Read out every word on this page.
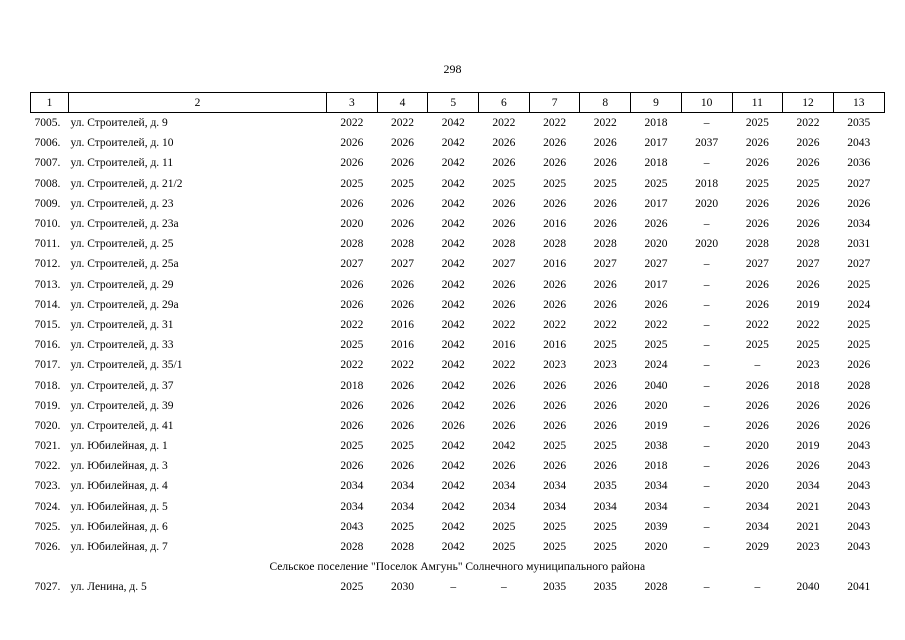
298
1	2	3	4	5	6	7	8	9	10	11	12	13
7005.	ул. Строителей, д. 9	2022	2022	2042	2022	2022	2022	2018	–	2025	2022	2035
7006.	ул. Строителей, д. 10	2026	2026	2042	2026	2026	2026	2017	2037	2026	2026	2043
7007.	ул. Строителей, д. 11	2026	2026	2042	2026	2026	2026	2018	–	2026	2026	2036
7008.	ул. Строителей, д. 21/2	2025	2025	2042	2025	2025	2025	2025	2018	2025	2025	2027
7009.	ул. Строителей, д. 23	2026	2026	2042	2026	2026	2026	2017	2020	2026	2026	2026
7010.	ул. Строителей, д. 23а	2020	2026	2042	2026	2016	2026	2026	–	2026	2026	2034
7011.	ул. Строителей, д. 25	2028	2028	2042	2028	2028	2028	2020	2020	2028	2028	2031
7012.	ул. Строителей, д. 25а	2027	2027	2042	2027	2016	2027	2027	–	2027	2027	2027
7013.	ул. Строителей, д. 29	2026	2026	2042	2026	2026	2026	2017	–	2026	2026	2025
7014.	ул. Строителей, д. 29а	2026	2026	2042	2026	2026	2026	2026	–	2026	2019	2024
7015.	ул. Строителей, д. 31	2022	2016	2042	2022	2022	2022	2022	–	2022	2022	2025
7016.	ул. Строителей, д. 33	2025	2016	2042	2016	2016	2025	2025	–	2025	2025	2025
7017.	ул. Строителей, д. 35/1	2022	2022	2042	2022	2023	2023	2024	–	–	2023	2026
7018.	ул. Строителей, д. 37	2018	2026	2042	2026	2026	2026	2040	–	2026	2018	2028
7019.	ул. Строителей, д. 39	2026	2026	2042	2026	2026	2026	2020	–	2026	2026	2026
7020.	ул. Строителей, д. 41	2026	2026	2026	2026	2026	2026	2019	–	2026	2026	2026
7021.	ул. Юбилейная, д. 1	2025	2025	2042	2042	2025	2025	2038	–	2020	2019	2043
7022.	ул. Юбилейная, д. 3	2026	2026	2042	2026	2026	2026	2018	–	2026	2026	2043
7023.	ул. Юбилейная, д. 4	2034	2034	2042	2034	2034	2035	2034	–	2020	2034	2043
7024.	ул. Юбилейная, д. 5	2034	2034	2042	2034	2034	2034	2034	–	2034	2021	2043
7025.	ул. Юбилейная, д. 6	2043	2025	2042	2025	2025	2025	2039	–	2034	2021	2043
7026.	ул. Юбилейная, д. 7	2028	2028	2042	2025	2025	2025	2020	–	2029	2023	2043
Сельское поселение "Поселок Амгунь" Солнечного муниципального района												
7027.	ул. Ленина, д. 5	2025	2030	–	–	2035	2035	2028	–	–	2040	2041
